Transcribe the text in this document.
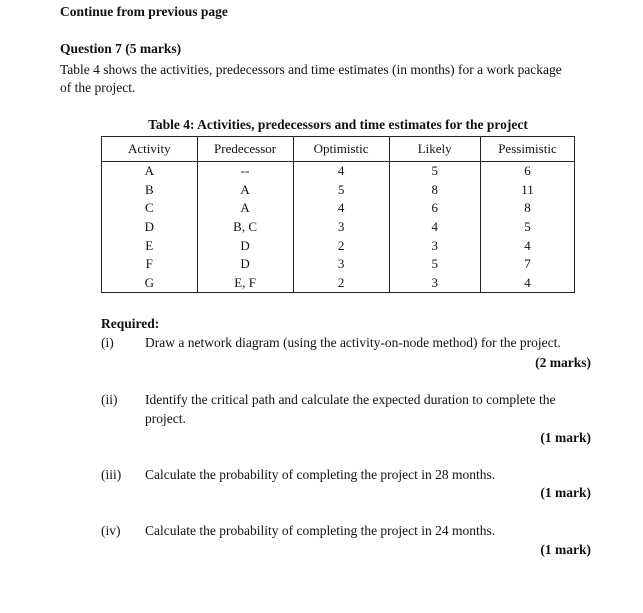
Continue from previous page
Question 7 (5 marks)
Table 4 shows the activities, predecessors and time estimates (in months) for a work package
of the project.
Table 4: Activities, predecessors and time estimates for the project
Activity	Predecessor	Optimistic	Likely	Pessimistic
A	--	4	5	6
B	A	5	8	11
C	A	4	6	8
D	B, C	3	4	5
E	D	2	3	4
F	D	3	5	7
G	E, F	2	3	4
Required:
(i) Draw a network diagram (using the activity-on-node method) for the project.
(2 marks)
(ii) Identify the critical path and calculate the expected duration to complete the
project.
(1 mark)
(iii) Calculate the probability of completing the project in 28 months.
(1 mark)
(iv) Calculate the probability of completing the project in 24 months.
(1 mark)
